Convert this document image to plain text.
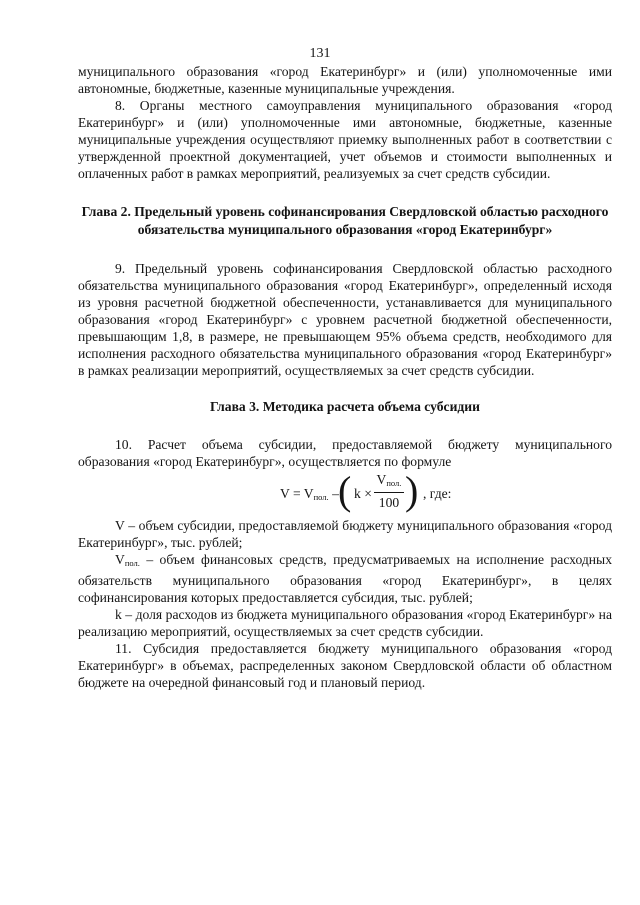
131

муниципального образования «город Екатеринбург» и (или) уполномоченные ими автономные, бюджетные, казенные муниципальные учреждения.

8. Органы местного самоуправления муниципального образования «город Екатеринбург» и (или) уполномоченные ими автономные, бюджетные, казенные муниципальные учреждения осуществляют приемку выполненных работ в соответствии с утвержденной проектной документацией, учет объемов и стоимости выполненных и оплаченных работ в рамках мероприятий, реализуемых за счет средств субсидии.

Глава 2. Предельный уровень софинансирования Свердловской областью расходного обязательства муниципального образования «город Екатеринбург»

9. Предельный уровень софинансирования Свердловской областью расходного обязательства муниципального образования «город Екатеринбург», определенный исходя из уровня расчетной бюджетной обеспеченности, устанавливается для муниципального образования «город Екатеринбург» с уровнем расчетной бюджетной обеспеченности, превышающим 1,8, в размере, не превышающем 95% объема средств, необходимого для исполнения расходного обязательства муниципального образования «город Екатеринбург» в рамках реализации мероприятий, осуществляемых за счет средств субсидии.

Глава 3. Методика расчета объема субсидии

10. Расчет объема субсидии, предоставляемой бюджету муниципального образования «город Екатеринбург», осуществляется по формуле

$V = V_{пол.}$ – ( k ×
$V_{пол.}$
100 ) , где:

V – объем субсидии, предоставляемой бюджету муниципального образования «город Екатеринбург», тыс. рублей;

$V_{пол.}$ – объем финансовых средств, предусматриваемых на исполнение расходных обязательств муниципального образования «город Екатеринбург», в целях софинансирования которых предоставляется субсидия, тыс. рублей;

k – доля расходов из бюджета муниципального образования «город Екатеринбург» на реализацию мероприятий, осуществляемых за счет средств субсидии.

11. Субсидия предоставляется бюджету муниципального образования «город Екатеринбург» в объемах, распределенных законом Свердловской области об областном бюджете на очередной финансовый год и плановый период.
